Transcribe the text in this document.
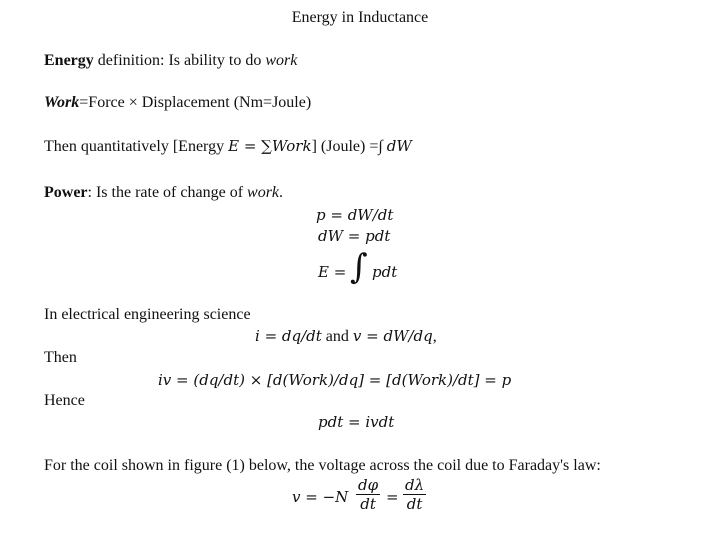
Energy in Inductance
Energy definition: Is ability to do work
Work=Force × Displacement (Nm=Joule)
Then quantitatively [Energy E = ∑Work] (Joule) =∫ dW
Power: Is the rate of change of work.
p = dW/dt
dW = pdt
E = ∫ pdt
In electrical engineering science
i = dq/dt and v = dW/dq,
Then
iv = (dq/dt) × [d(Work)/dq] = [d(Work)/dt] = p
Hence
pdt = ivdt
For the coil shown in figure (1) below, the voltage across the coil due to Faraday's law:
v = −N
dφ
dt =
dλ
dt
